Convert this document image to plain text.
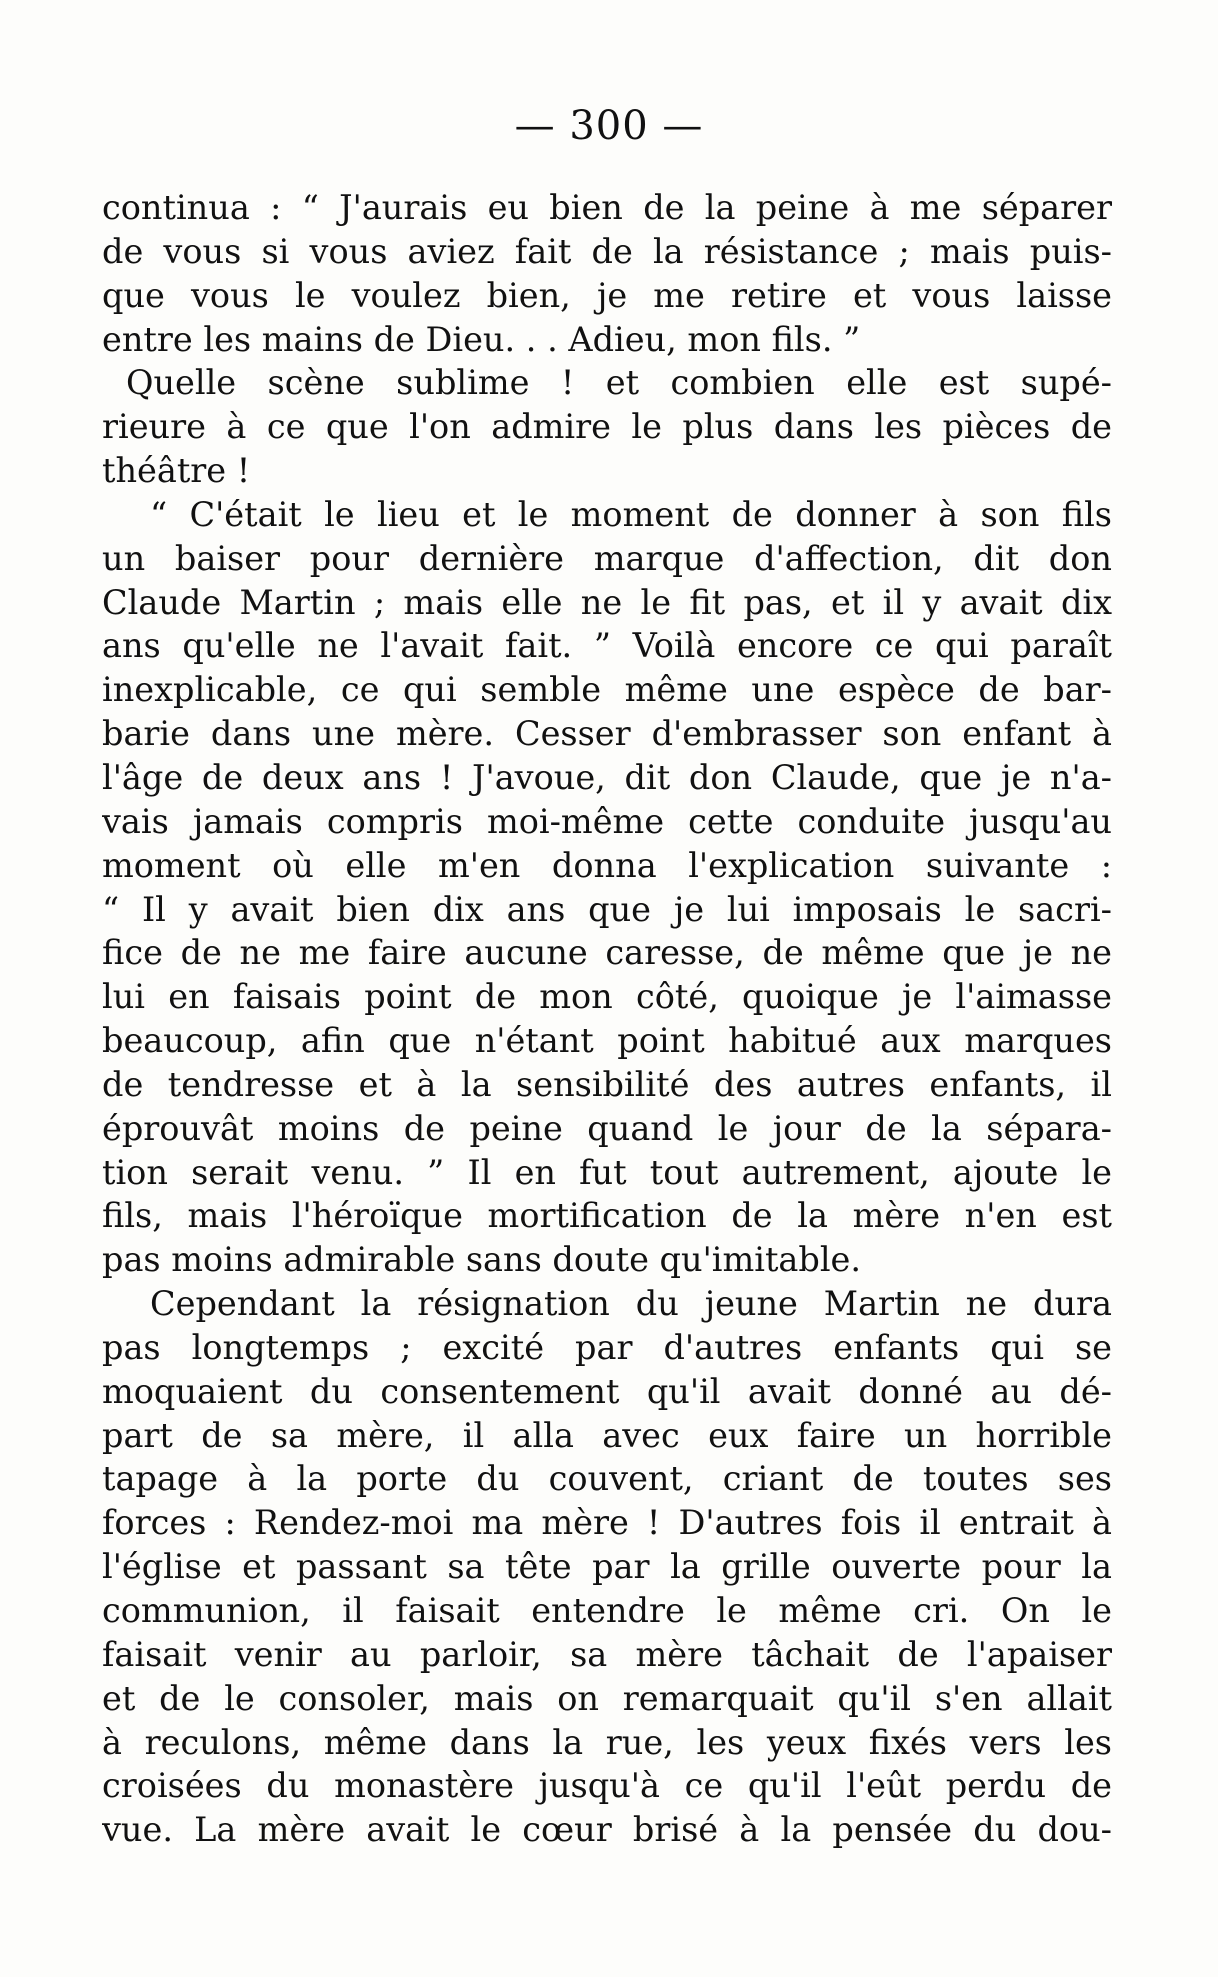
— 300 —
continua : “ J'aurais eu bien de la peine à me séparer
de vous si vous aviez fait de la résistance ; mais puis-
que vous le voulez bien, je me retire et vous laisse
entre les mains de Dieu. . . Adieu, mon fils. ”
Quelle scène sublime ! et combien elle est supé-
rieure à ce que l'on admire le plus dans les pièces de
théâtre !
“ C'était le lieu et le moment de donner à son fils
un baiser pour dernière marque d'affection, dit don
Claude Martin ; mais elle ne le fit pas, et il y avait dix
ans qu'elle ne l'avait fait. ” Voilà encore ce qui paraît
inexplicable, ce qui semble même une espèce de bar-
barie dans une mère. Cesser d'embrasser son enfant à
l'âge de deux ans ! J'avoue, dit don Claude, que je n'a-
vais jamais compris moi-même cette conduite jusqu'au
moment où elle m'en donna l'explication suivante :
“ Il y avait bien dix ans que je lui imposais le sacri-
fice de ne me faire aucune caresse, de même que je ne
lui en faisais point de mon côté, quoique je l'aimasse
beaucoup, afin que n'étant point habitué aux marques
de tendresse et à la sensibilité des autres enfants, il
éprouvât moins de peine quand le jour de la sépara-
tion serait venu. ” Il en fut tout autrement, ajoute le
fils, mais l'héroïque mortification de la mère n'en est
pas moins admirable sans doute qu'imitable.
Cependant la résignation du jeune Martin ne dura
pas longtemps ; excité par d'autres enfants qui se
moquaient du consentement qu'il avait donné au dé-
part de sa mère, il alla avec eux faire un horrible
tapage à la porte du couvent, criant de toutes ses
forces : Rendez-moi ma mère ! D'autres fois il entrait à
l'église et passant sa tête par la grille ouverte pour la
communion, il faisait entendre le même cri. On le
faisait venir au parloir, sa mère tâchait de l'apaiser
et de le consoler, mais on remarquait qu'il s'en allait
à reculons, même dans la rue, les yeux fixés vers les
croisées du monastère jusqu'à ce qu'il l'eût perdu de
vue. La mère avait le cœur brisé à la pensée du dou-
